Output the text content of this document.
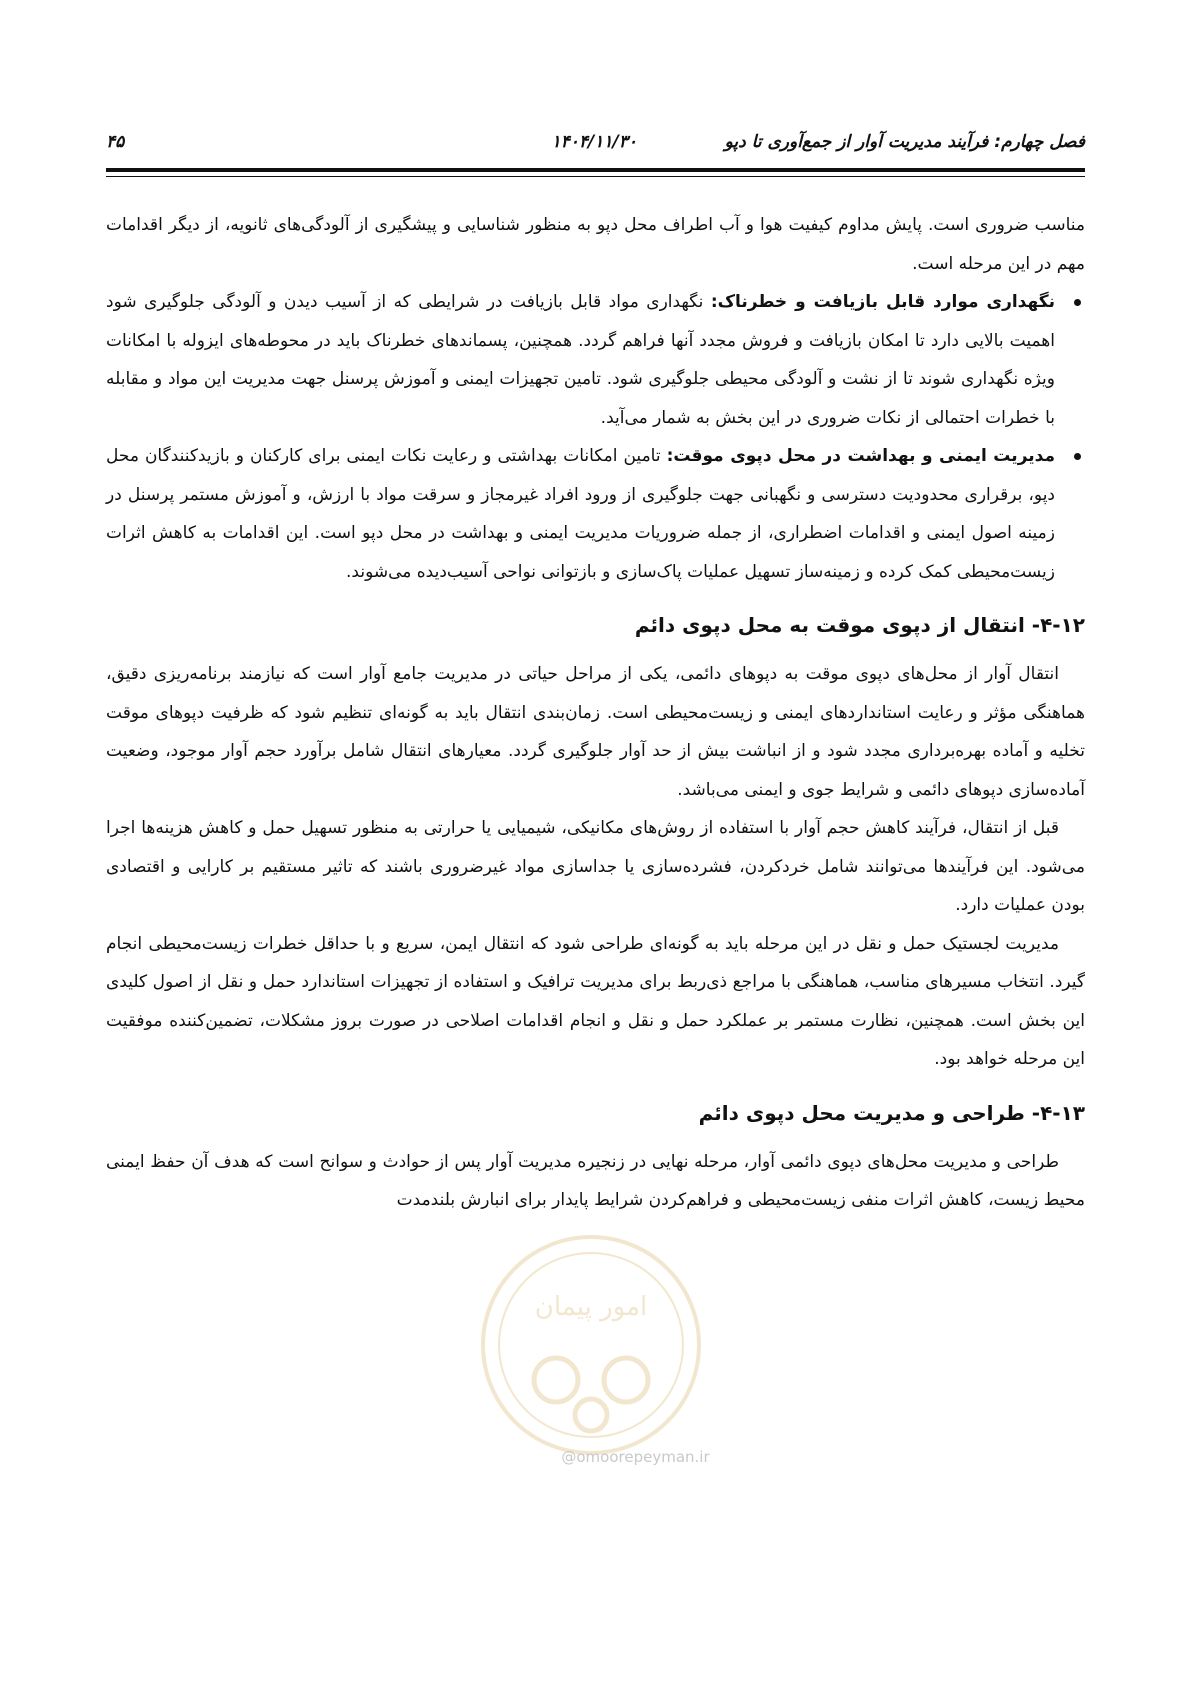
فصل چهارم: فرآیند مدیریت آوار از جمع‌آوری تا دپو
۱۴۰۴/۱۱/۳۰
۴۵

مناسب ضروری است. پایش مداوم کیفیت هوا و آب اطراف محل دپو به منظور شناسایی و پیشگیری از آلودگی‌های ثانویه، از دیگر اقدامات مهم در این مرحله است.

نگهداری موارد قابل بازیافت و خطرناک: نگهداری مواد قابل بازیافت در شرایطی که از آسیب دیدن و آلودگی جلوگیری شود اهمیت بالایی دارد تا امکان بازیافت و فروش مجدد آنها فراهم گردد. همچنین، پسماندهای خطرناک باید در محوطه‌های ایزوله با امکانات ویژه نگهداری شوند تا از نشت و آلودگی محیطی جلوگیری شود. تامین تجهیزات ایمنی و آموزش پرسنل جهت مدیریت این مواد و مقابله با خطرات احتمالی از نکات ضروری در این بخش به شمار می‌آید.
مدیریت ایمنی و بهداشت در محل دپوی موقت: تامین امکانات بهداشتی و رعایت نکات ایمنی برای کارکنان و بازیدکنندگان محل دپو، برقراری محدودیت دسترسی و نگهبانی جهت جلوگیری از ورود افراد غیرمجاز و سرقت مواد با ارزش، و آموزش مستمر پرسنل در زمینه اصول ایمنی و اقدامات اضطراری، از جمله ضروریات مدیریت ایمنی و بهداشت در محل دپو است. این اقدامات به کاهش اثرات زیست‌محیطی کمک کرده و زمینه‌ساز تسهیل عملیات پاک‌سازی و بازتوانی نواحی آسیب‌دیده می‌شوند.
۴-۱۲- انتقال از دپوی موقت به محل دپوی دائم

انتقال آوار از محل‌های دپوی موقت به دپوهای دائمی، یکی از مراحل حیاتی در مدیریت جامع آوار است که نیازمند برنامه‌ریزی دقیق، هماهنگی مؤثر و رعایت استانداردهای ایمنی و زیست‌محیطی است. زمان‌بندی انتقال باید به گونه‌ای تنظیم شود که ظرفیت دپوهای موقت تخلیه و آماده بهره‌برداری مجدد شود و از انباشت بیش از حد آوار جلوگیری گردد. معیارهای انتقال شامل برآورد حجم آوار موجود، وضعیت آماده‌سازی دپوهای دائمی و شرایط جوی و ایمنی می‌باشد.

قبل از انتقال، فرآیند کاهش حجم آوار با استفاده از روش‌های مکانیکی، شیمیایی یا حرارتی به منظور تسهیل حمل و کاهش هزینه‌ها اجرا می‌شود. این فرآیندها می‌توانند شامل خردکردن، فشرده‌سازی یا جداسازی مواد غیرضروری باشند که تاثیر مستقیم بر کارایی و اقتصادی بودن عملیات دارد.

مدیریت لجستیک حمل و نقل در این مرحله باید به گونه‌ای طراحی شود که انتقال ایمن، سریع و با حداقل خطرات زیست‌محیطی انجام گیرد. انتخاب مسیرهای مناسب، هماهنگی با مراجع ذی‌ربط برای مدیریت ترافیک و استفاده از تجهیزات استاندارد حمل و نقل از اصول کلیدی این بخش است. همچنین، نظارت مستمر بر عملکرد حمل و نقل و انجام اقدامات اصلاحی در صورت بروز مشکلات، تضمین‌کننده موفقیت این مرحله خواهد بود.

۴-۱۳- طراحی و مدیریت محل دپوی دائم

طراحی و مدیریت محل‌های دپوی دائمی آوار، مرحله نهایی در زنجیره مدیریت آوار پس از حوادث و سوانح است که هدف آن حفظ ایمنی محیط زیست، کاهش اثرات منفی زیست‌محیطی و فراهم‌کردن شرایط پایدار برای انبارش بلندمدت

امور پیمان
@omoorepeyman.ir
